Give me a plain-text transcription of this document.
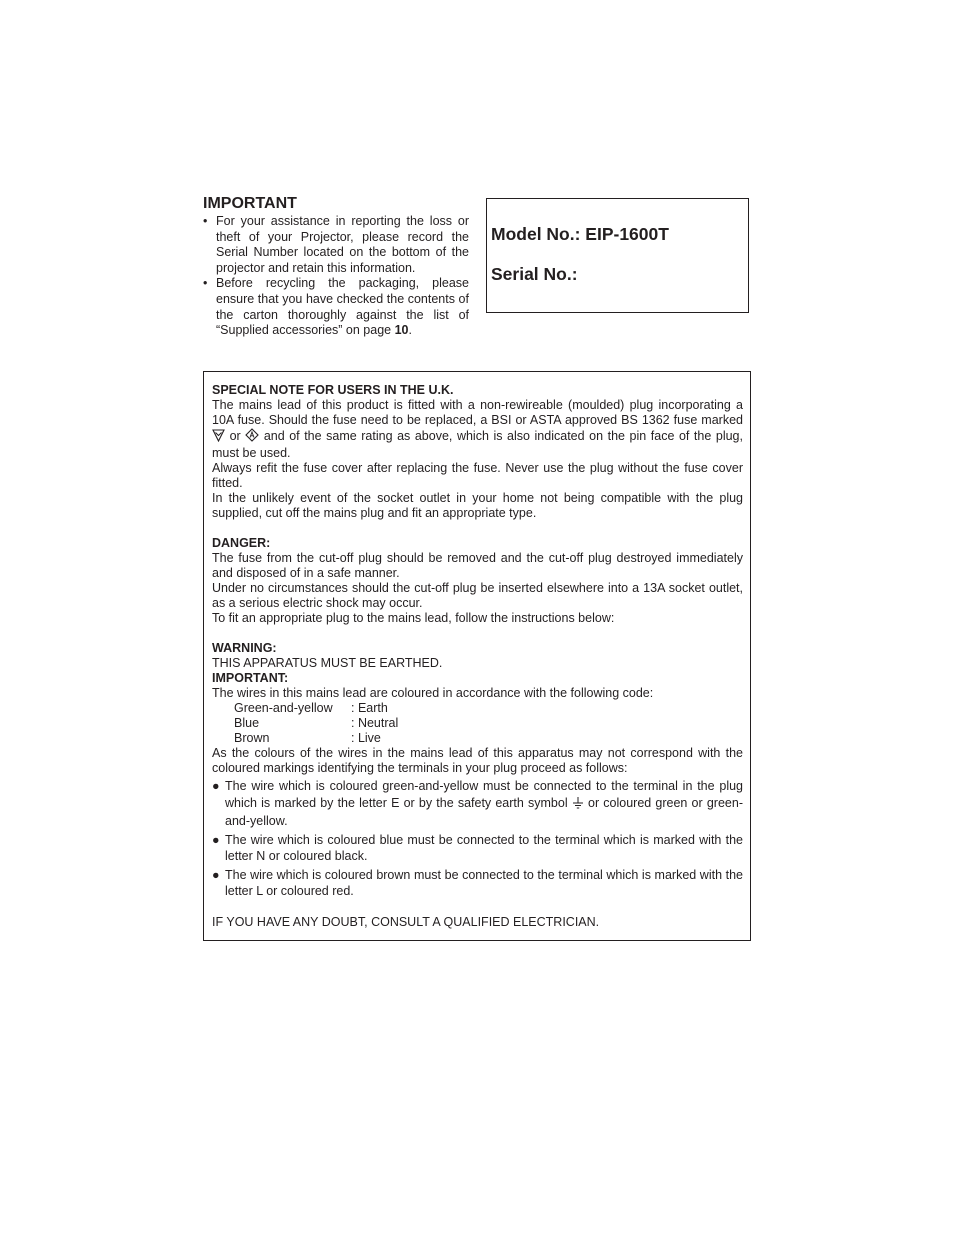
IMPORTANT
• For your assistance in reporting the loss or theft of your Projector, please record the Serial Number located on the bottom of the projector and retain this information.
• Before recycling the packaging, please ensure that you have checked the contents of the carton thoroughly against the list of “Supplied accessories” on page 10.
Model No.: EIP-1600T
Serial No.:

SPECIAL NOTE FOR USERS IN THE U.K.

The mains lead of this product is fitted with a non-rewireable (moulded) plug incorporating a 10A fuse. Should the fuse need to be replaced, a BSI or ASTA approved BS 1362 fuse marked  or and of the same rating as above, which is also indicated on the pin face of the plug, must be used.

Always refit the fuse cover after replacing the fuse. Never use the plug without the fuse cover fitted.

In the unlikely event of the socket outlet in your home not being compatible with the plug supplied, cut off the mains plug and fit an appropriate type.

DANGER:

The fuse from the cut-off plug should be removed and the cut-off plug destroyed immediately and disposed of in a safe manner.

Under no circumstances should the cut-off plug be inserted elsewhere into a 13A socket outlet, as a serious electric shock may occur.

To fit an appropriate plug to the mains lead, follow the instructions below:

WARNING:

THIS APPARATUS MUST BE EARTHED.

IMPORTANT:

The wires in this mains lead are coloured in accordance with the following code:

Green-and-yellow	: Earth
Blue	: Neutral
Brown	: Live

As the colours of the wires in the mains lead of this apparatus may not correspond with the coloured markings identifying the terminals in your plug proceed as follows:

● The wire which is coloured green-and-yellow must be connected to the terminal in the plug which is marked by the letter E or by the safety earth symbol or coloured green or green-and-yellow.
● The wire which is coloured blue must be connected to the terminal which is marked with the letter N or coloured black.
● The wire which is coloured brown must be connected to the terminal which is marked with the letter L or coloured red.

IF YOU HAVE ANY DOUBT, CONSULT A QUALIFIED ELECTRICIAN.
